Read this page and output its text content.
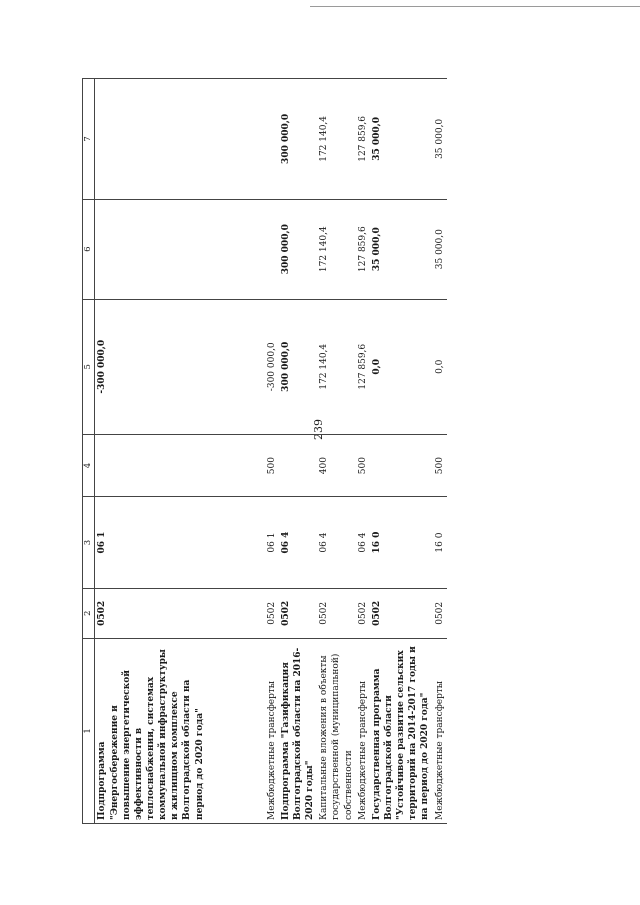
239
1	2	3	4	5	6	7
Подпрограмма "Энергосбережение и повышение энергетической эффективности в теплоснабжении, системах коммунальной инфраструктуры и жилищном комплексе Волгоградской области на период до 2020 года"	0502	06 1		-300 000,0		

Межбюджетные трансферты	0502	06 1	500	-300 000,0		
Подпрограмма "Газификация Волгоградской области на 2016-2020 годы"	0502	06 4		300 000,0	300 000,0	300 000,0
Капитальные вложения в объекты государственной (муниципальной) собственности	0502	06 4	400	172 140,4	172 140,4	172 140,4
Межбюджетные трансферты	0502	06 4	500	127 859,6	127 859,6	127 859,6
Государственная программа Волгоградской области "Устойчивое развитие сельских территорий на 2014-2017 годы и на период до 2020 года"	0502	16 0		0,0	35 000,0	35 000,0
Межбюджетные трансферты	0502	16 0	500	0,0	35 000,0	35 000,0
